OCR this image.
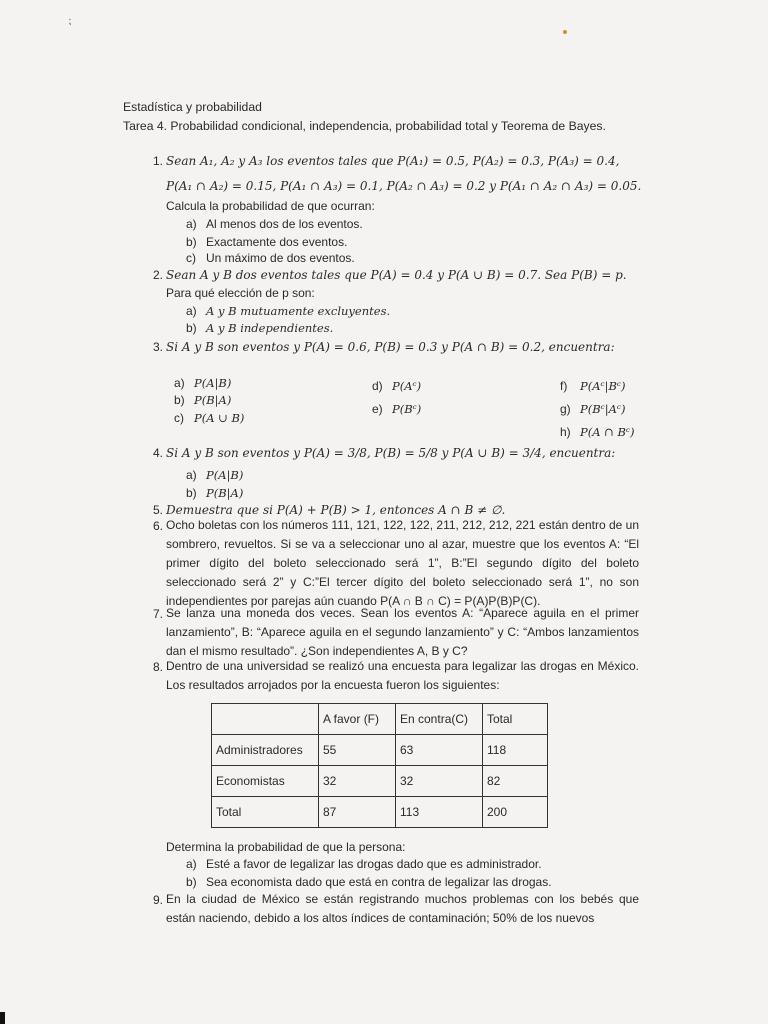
⁏
Estadística y probabilidad
Tarea 4. Probabilidad condicional, independencia, probabilidad total y Teorema de Bayes.
1. Sean A₁, A₂ y A₃ los eventos tales que P(A₁) = 0.5, P(A₂) = 0.3, P(A₃) = 0.4,
P(A₁ ∩ A₂) = 0.15, P(A₁ ∩ A₃) = 0.1, P(A₂ ∩ A₃) = 0.2 y P(A₁ ∩ A₂ ∩ A₃) = 0.05.
Calcula la probabilidad de que ocurran:
a) Al menos dos de los eventos.
b) Exactamente dos eventos.
c) Un máximo de dos eventos.
2. Sean A y B dos eventos tales que P(A) = 0.4 y P(A ∪ B) = 0.7. Sea P(B) = p.
Para qué elección de p son:
a) A y B mutuamente excluyentes.
b) A y B independientes.
3. Si A y B son eventos y P(A) = 0.6, P(B) = 0.3 y P(A ∩ B) = 0.2, encuentra:
a) P(A|B)
b) P(B|A)
c) P(A ∪ B)
d) P(Aᶜ)
e) P(Bᶜ)
f) P(Aᶜ|Bᶜ)
g) P(Bᶜ|Aᶜ)
h) P(A ∩ Bᶜ)
4. Si A y B son eventos y P(A) = 3/8, P(B) = 5/8 y P(A ∪ B) = 3/4, encuentra:
a) P(A|B)
b) P(B|A)
5. Demuestra que si P(A) + P(B) > 1, entonces A ∩ B ≠ ∅.
6. Ocho boletas con los números 111, 121, 122, 122, 211, 212, 212, 221 están dentro de un sombrero, revueltos. Si se va a seleccionar uno al azar, muestre que los eventos A: “El primer dígito del boleto seleccionado será 1”, B:”El segundo dígito del boleto seleccionado será 2” y C:”El tercer dígito del boleto seleccionado será 1”, no son independientes por parejas aún cuando P(A ∩ B ∩ C) = P(A)P(B)P(C).
7. Se lanza una moneda dos veces. Sean los eventos A: “Aparece aguila en el primer lanzamiento”, B: “Aparece aguila en el segundo lanzamiento” y C: “Ambos lanzamientos dan el mismo resultado”. ¿Son independientes A, B y C?
8. Dentro de una universidad se realizó una encuesta para legalizar las drogas en México. Los resultados arrojados por la encuesta fueron los siguientes:
	A favor (F)	En contra(C)	Total
Administradores	55	63	118
Economistas	32	32	82
Total	87	113	200
Determina la probabilidad de que la persona:
a) Esté a favor de legalizar las drogas dado que es administrador.
b) Sea economista dado que está en contra de legalizar las drogas.
9. En la ciudad de México se están registrando muchos problemas con los bebés que están naciendo, debido a los altos índices de contaminación; 50% de los nuevos
